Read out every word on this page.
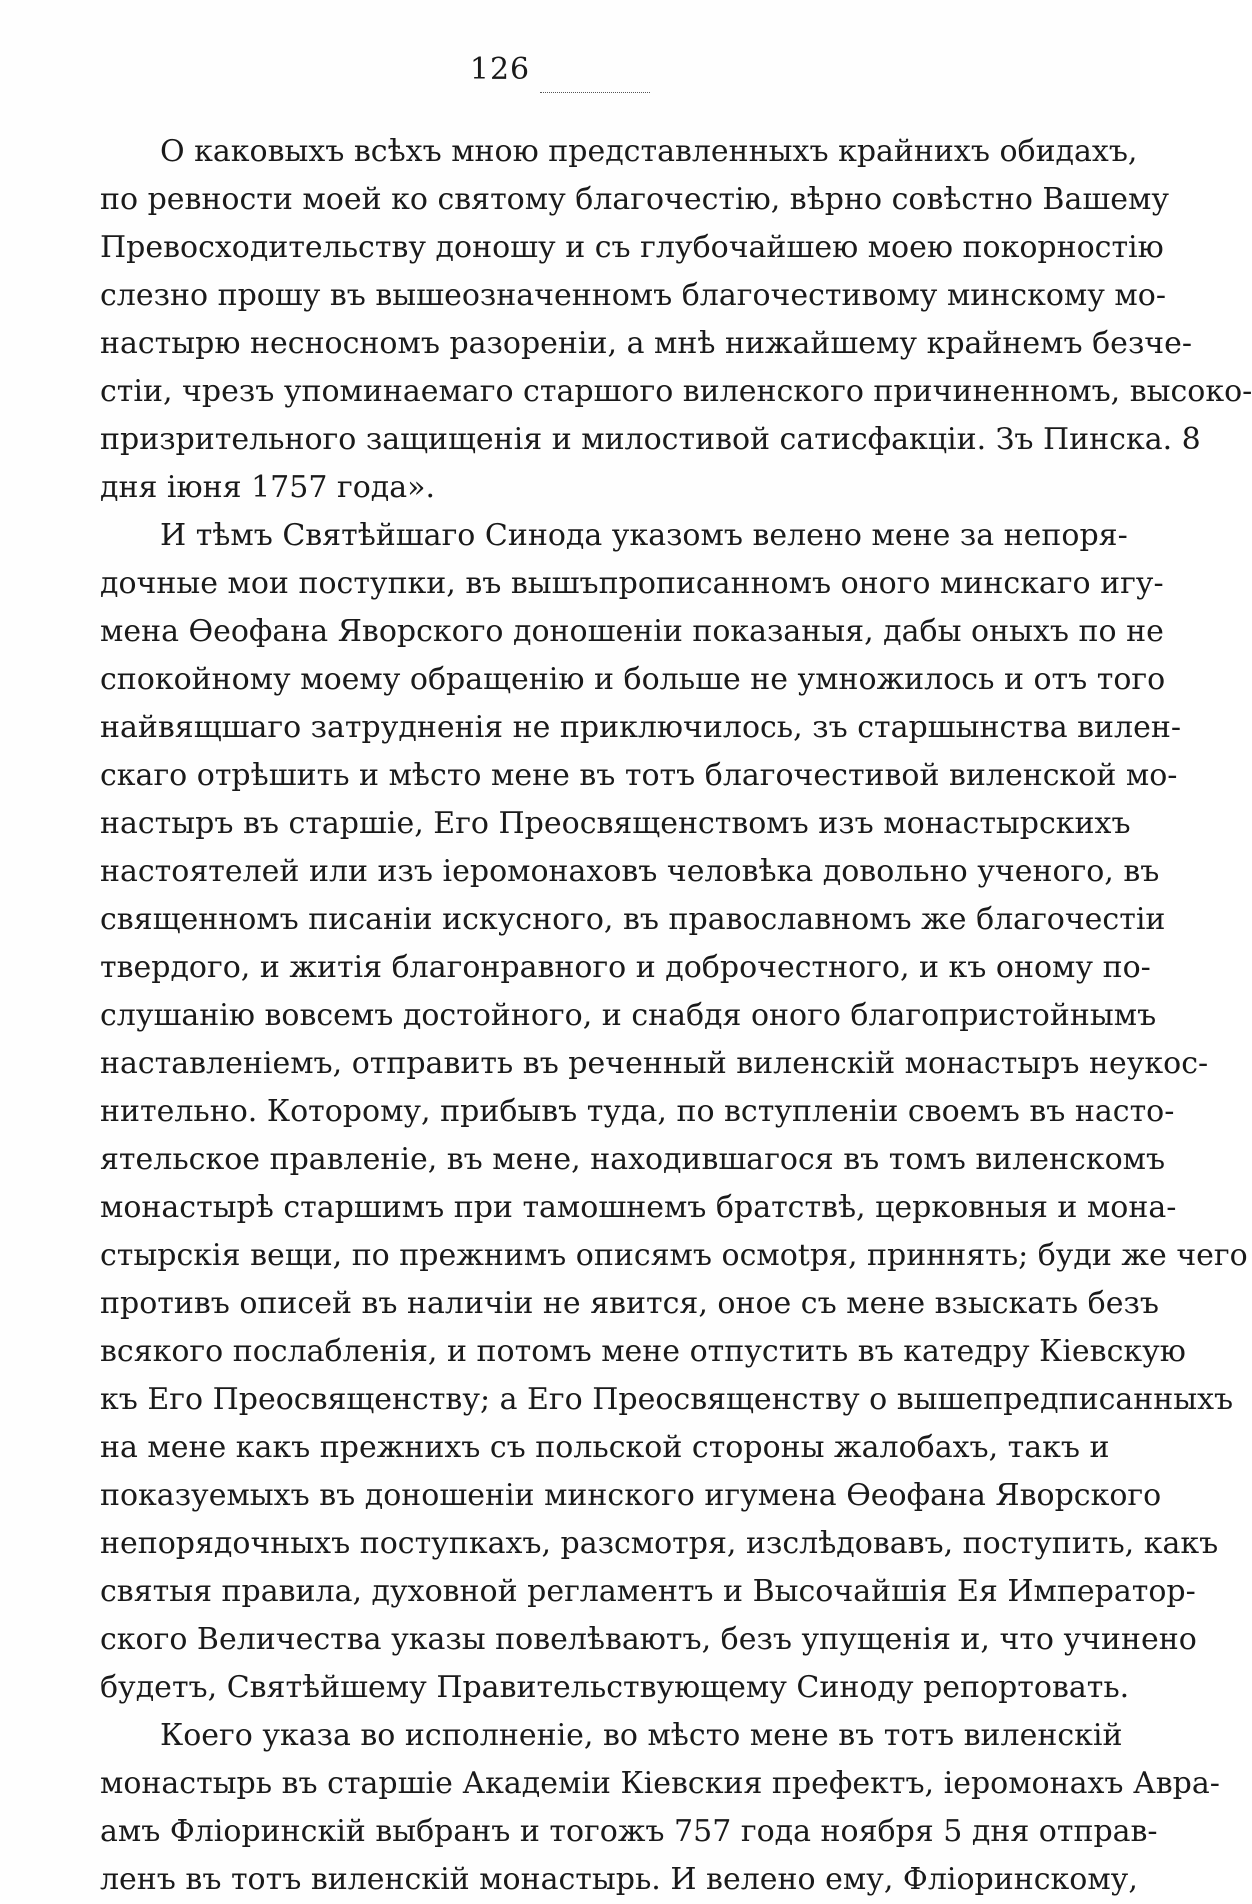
126
О каковыхъ всѣхъ мною представленныхъ крайнихъ обидахъ,
по ревности моей ко святому благочестію, вѣрно совѣстно Вашему
Превосходительству доношу и съ глубочайшею моею покорностію
слезно прошу въ вышеозначенномъ благочестивому минскому мо-
настырю несносномъ разореніи, а мнѣ нижайшему крайнемъ безче-
стіи, чрезъ упоминаемаго старшого виленского причиненномъ, высоко-
призрительного защищенія и милостивой сатисфакціи. Зъ Пинска. 8
дня іюня 1757 года».
И тѣмъ Святѣйшаго Синода указомъ велено мене за непоря-
дочные мои поступки, въ вышъпрописанномъ оного минскаго игу-
мена Ѳеофана Яворского доношеніи показаныя, дабы оныхъ по не
спокойному моему обращенію и больше не умножилось и отъ того
найвящшаго затрудненія не приключилось, зъ старшынства вилен-
скаго отрѣшить и мѣсто мене въ тотъ благочестивой виленской мо-
настыръ въ старшіе, Его Преосвященствомъ изъ монастырскихъ
настоятелей или изъ іеромонаховъ человѣка довольно ученого, въ
священномъ писаніи искусного, въ православномъ же благочестіи
твердого, и житія благонравного и доброчестного, и къ оному по-
слушанію вовсемъ достойного, и снабдя оного благопристойнымъ
наставленіемъ, отправить въ реченный виленскій монастыръ неукос-
нительно. Которому, прибывъ туда, по вступленіи своемъ въ насто-
ятельское правленіе, въ мене, находившагося въ томъ виленскомъ
монастырѣ старшимъ при тамошнемъ братствѣ, церковныя и мона-
стырскія вещи, по прежнимъ описямъ осмоtря, приннять; буди же чего
противъ описей въ наличіи не явится, оное съ мене взыскать безъ
всякого послабленія, и потомъ мене отпустить въ катедру Кіевскую
къ Его Преосвященству; а Его Преосвященству о вышепредписанныхъ
на мене какъ прежнихъ съ польской стороны жалобахъ, такъ и
показуемыхъ въ доношеніи минского игумена Ѳеофана Яворского
непорядочныхъ поступкахъ, разсмотря, изслѣдовавъ, поступить, какъ
святыя правила, духовной регламентъ и Высочайшія Ея Император-
ского Величества указы повелѣваютъ, безъ упущенія и, что учинено
будетъ, Святѣйшему Правительствующему Синоду репортовать.
Коего указа во исполненіе, во мѣсто мене въ тотъ виленскій
монастырь въ старшіе Академіи Кіевския префектъ, іеромонахъ Авра-
амъ Фліоринскій выбранъ и тогожъ 757 года ноября 5 дня отправ-
ленъ въ тотъ виленскій монастырь. И велено ему, Фліоринскому,
